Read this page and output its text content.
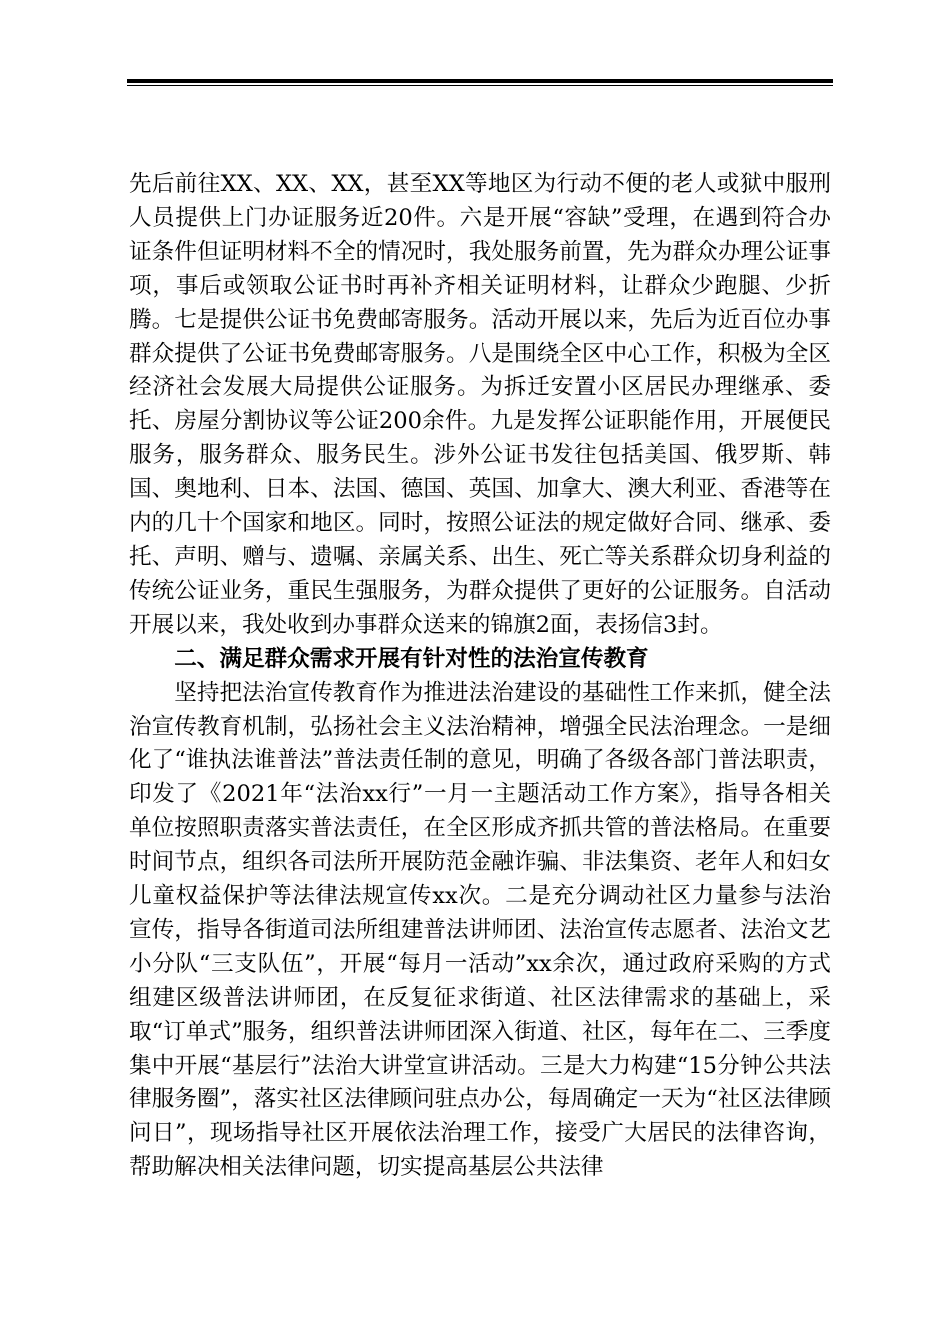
先后前往XX、XX、XX，甚至XX等地区为行动不便的老人或狱中服刑人员提供上门办证服务近20件。六是开展“容缺”受理，在遇到符合办证条件但证明材料不全的情况时，我处服务前置，先为群众办理公证事项，事后或领取公证书时再补齐相关证明材料，让群众少跑腿、少折腾。七是提供公证书免费邮寄服务。活动开展以来，先后为近百位办事群众提供了公证书免费邮寄服务。八是围绕全区中心工作，积极为全区经济社会发展大局提供公证服务。为拆迁安置小区居民办理继承、委托、房屋分割协议等公证200余件。九是发挥公证职能作用，开展便民服务，服务群众、服务民生。涉外公证书发往包括美国、俄罗斯、韩国、奥地利、日本、法国、德国、英国、加拿大、澳大利亚、香港等在内的几十个国家和地区。同时，按照公证法的规定做好合同、继承、委托、声明、赠与、遗嘱、亲属关系、出生、死亡等关系群众切身利益的传统公证业务，重民生强服务，为群众提供了更好的公证服务。自活动开展以来，我处收到办事群众送来的锦旗2面，表扬信3封。

二、满足群众需求开展有针对性的法治宣传教育

坚持把法治宣传教育作为推进法治建设的基础性工作来抓，健全法治宣传教育机制，弘扬社会主义法治精神，增强全民法治理念。一是细化了“谁执法谁普法”普法责任制的意见，明确了各级各部门普法职责，印发了《2021年“法治xx行”一月一主题活动工作方案》，指导各相关单位按照职责落实普法责任，在全区形成齐抓共管的普法格局。在重要时间节点，组织各司法所开展防范金融诈骗、非法集资、老年人和妇女儿童权益保护等法律法规宣传xx次。二是充分调动社区力量参与法治宣传，指导各街道司法所组建普法讲师团、法治宣传志愿者、法治文艺小分队“三支队伍”，开展“每月一活动”xx余次，通过政府采购的方式组建区级普法讲师团，在反复征求街道、社区法律需求的基础上，采取“订单式”服务，组织普法讲师团深入街道、社区，每年在二、三季度集中开展“基层行”法治大讲堂宣讲活动。三是大力构建“15分钟公共法律服务圈”，落实社区法律顾问驻点办公，每周确定一天为“社区法律顾问日”，现场指导社区开展依法治理工作，接受广大居民的法律咨询，帮助解决相关法律问题，切实提高基层公共法律
